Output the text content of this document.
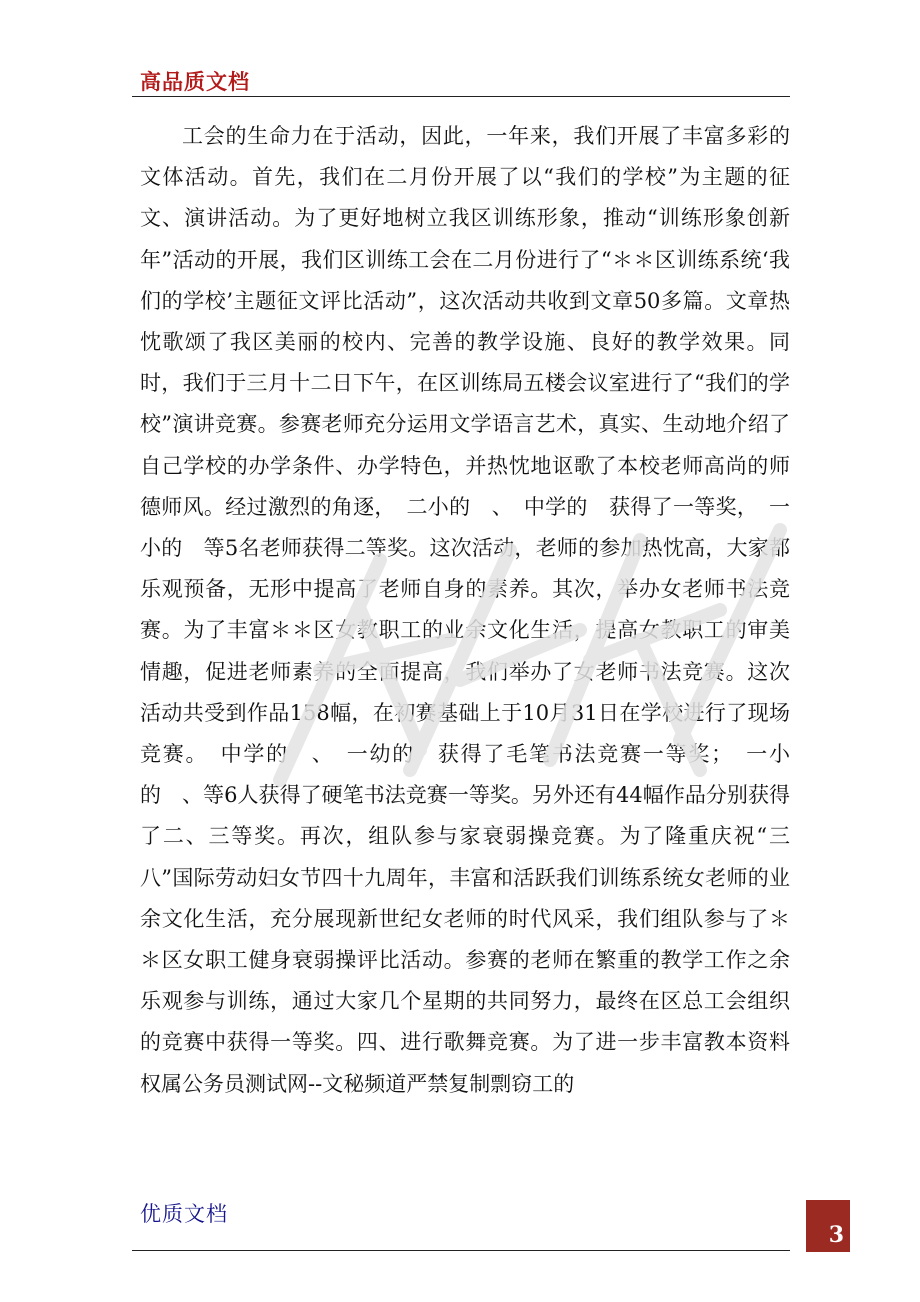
高品质文档
工会的生命力在于活动，因此，一年来，我们开展了丰富多彩的文体活动。首先，我们在二月份开展了以“我们的学校”为主题的征文、演讲活动。为了更好地树立我区训练形象，推动“训练形象创新年”活动的开展，我们区训练工会在二月份进行了“＊＊区训练系统‘我们的学校’主题征文评比活动”，这次活动共收到文章50多篇。文章热忱歌颂了我区美丽的校内、完善的教学设施、良好的教学效果。同时，我们于三月十二日下午，在区训练局五楼会议室进行了“我们的学校”演讲竞赛。参赛老师充分运用文学语言艺术，真实、生动地介绍了自己学校的办学条件、办学特色，并热忱地讴歌了本校老师高尚的师德师风。经过激烈的角逐，　二小的　、　中学的　获得了一等奖，　一小的　等5名老师获得二等奖。这次活动，老师的参加热忱高，大家都乐观预备，无形中提高了老师自身的素养。其次，举办女老师书法竞赛。为了丰富＊＊区女教职工的业余文化生活，提高女教职工的审美情趣，促进老师素养的全面提高，我们举办了女老师书法竞赛。这次活动共受到作品158幅，在初赛基础上于10月31日在学校进行了现场竞赛。　中学的　、　一幼的　获得了毛笔书法竞赛一等奖；　一小的　、等6人获得了硬笔书法竞赛一等奖。另外还有44幅作品分别获得了二、三等奖。再次，组队参与家衰弱操竞赛。为了隆重庆祝“三八”国际劳动妇女节四十九周年，丰富和活跃我们训练系统女老师的业余文化生活，充分展现新世纪女老师的时代风采，我们组队参与了＊＊区女职工健身衰弱操评比活动。参赛的老师在繁重的教学工作之余乐观参与训练，通过大家几个星期的共同努力，最终在区总工会组织的竞赛中获得一等奖。四、进行歌舞竞赛。为了进一步丰富教本资料权属公务员测试网--文秘频道严禁复制剽窃工的
优质文档
3
